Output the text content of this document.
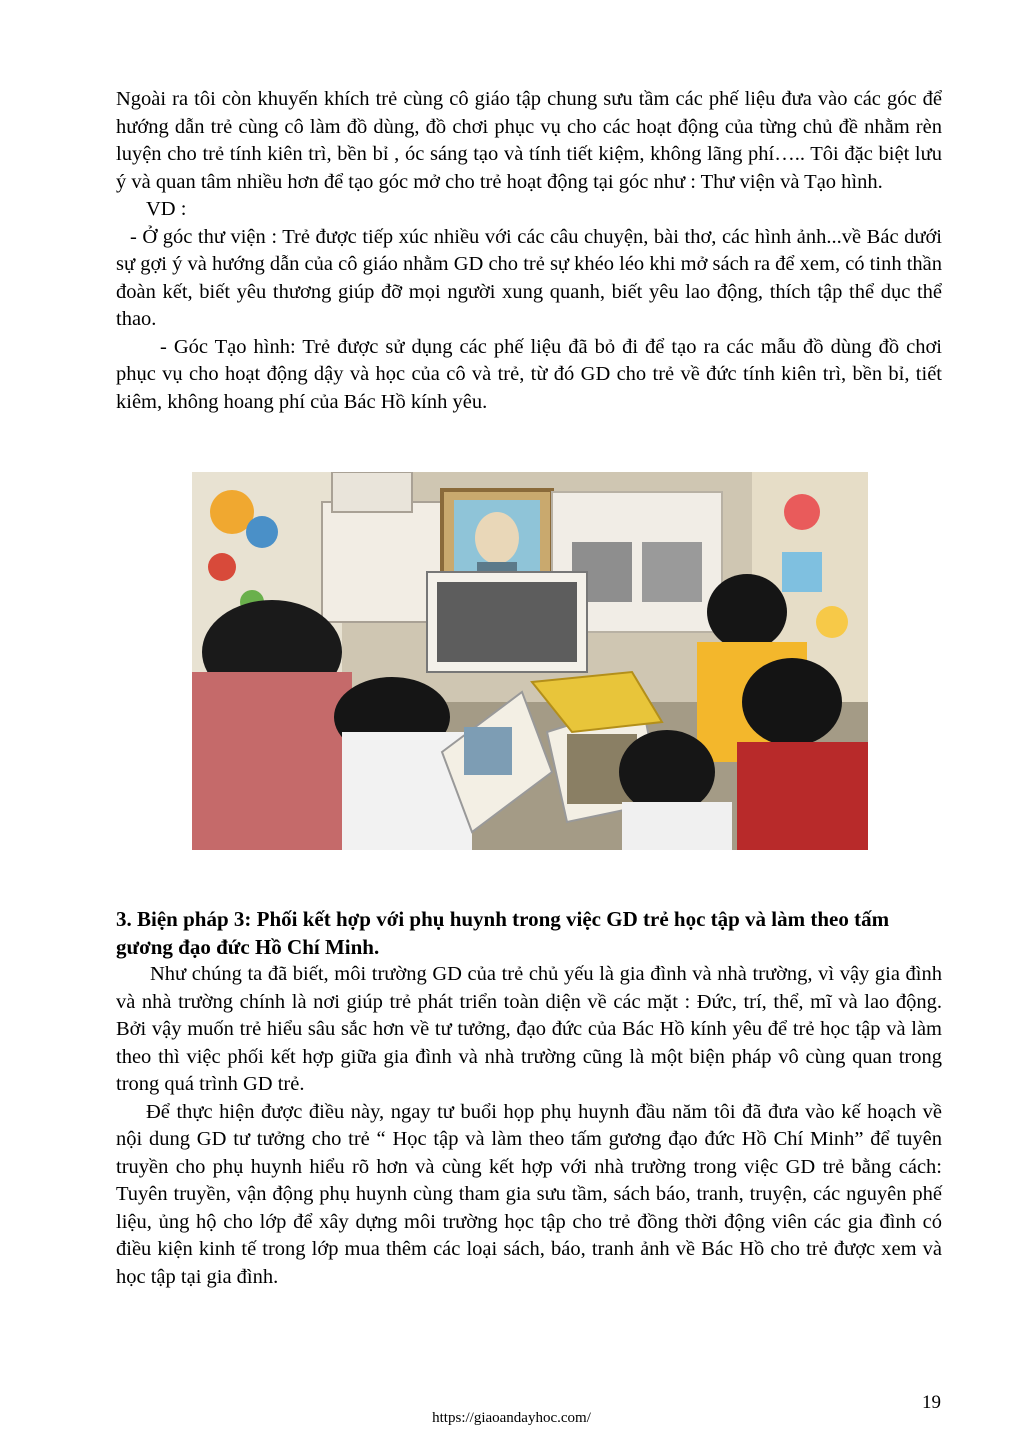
Ngoài ra tôi còn khuyến khích trẻ cùng cô giáo tập chung sưu tầm các phế liệu đưa vào các góc để hướng dẫn trẻ cùng cô làm đồ dùng, đồ chơi phục vụ cho các hoạt động của từng chủ đề nhằm rèn luyện cho trẻ tính kiên trì, bền bỉ , óc sáng tạo và tính tiết kiệm, không lãng phí….. Tôi đặc biệt lưu ý và quan tâm nhiều hơn để tạo góc mở cho trẻ hoạt động tại góc như : Thư viện và Tạo hình.

VD :

- Ở góc thư viện : Trẻ được tiếp xúc nhiều với các câu chuyện, bài thơ, các hình ảnh...về Bác dưới sự gợi ý và hướng dẫn của cô giáo nhằm GD cho trẻ sự khéo léo khi mở sách ra để xem, có tinh thần đoàn kết, biết yêu thương giúp đỡ mọi người xung quanh, biết yêu lao động, thích tập thể dục thể thao.

- Góc Tạo hình: Trẻ được sử dụng các phế liệu đã bỏ đi để tạo ra các mẫu đồ dùng đồ chơi phục vụ cho hoạt động dậy và học của cô và trẻ, từ đó GD cho trẻ về đức tính kiên trì, bền bỉ, tiết kiêm, không hoang phí của Bác Hồ kính yêu.

3. Biện pháp 3: Phối kết hợp với phụ huynh trong việc GD trẻ học tập và làm theo tấm gương đạo đức Hồ Chí Minh.

Như chúng ta đã biết, môi trường GD của trẻ chủ yếu là gia đình và nhà trường, vì vậy gia đình và nhà trường chính là nơi giúp trẻ phát triển toàn diện về các mặt : Đức, trí, thể, mĩ và lao động. Bởi vậy muốn trẻ hiểu sâu sắc hơn về tư tưởng, đạo đức của Bác Hồ kính yêu để trẻ học tập và làm theo thì việc phối kết hợp giữa gia đình và nhà trường cũng là một biện pháp vô cùng quan trong trong quá trình GD trẻ.

Để thực hiện được điều này, ngay tư buổi họp phụ huynh đầu năm tôi đã đưa vào kế hoạch về nội dung GD tư tưởng cho trẻ “ Học tập và làm theo tấm gương đạo đức Hồ Chí Minh” để tuyên truyền cho phụ huynh hiểu rõ hơn và cùng kết hợp với nhà trường trong việc GD trẻ bằng cách: Tuyên truyền, vận động phụ huynh cùng tham gia sưu tầm, sách báo, tranh, truyện, các nguyên phế liệu, ủng hộ cho lớp để xây dựng môi trường học tập cho trẻ đồng thời động viên các gia đình có điều kiện kinh tế trong lớp mua thêm các loại sách, báo, tranh ảnh về Bác Hồ cho trẻ được xem và học tập tại gia đình.

19
https://giaoandayhoc.com/
